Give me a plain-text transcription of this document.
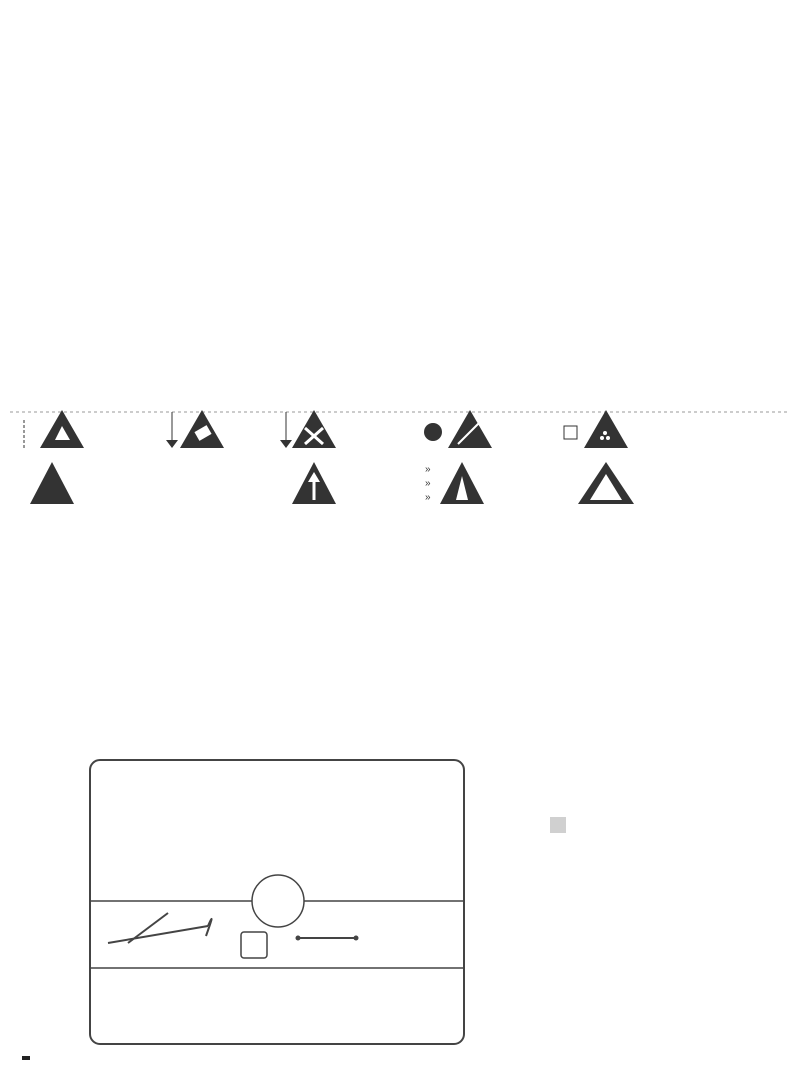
»
»
»
